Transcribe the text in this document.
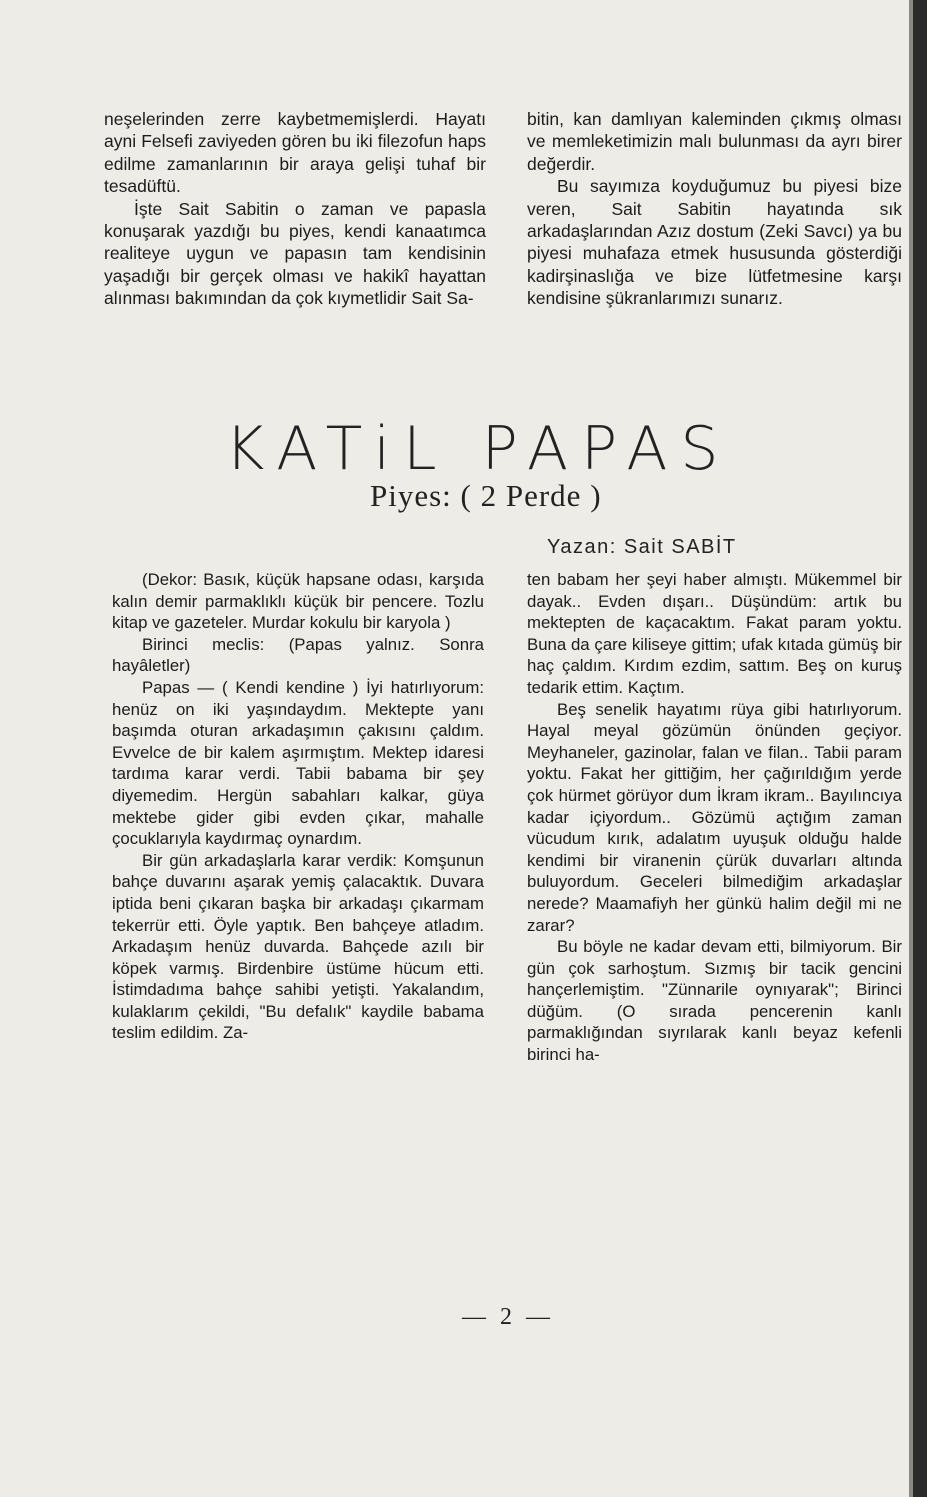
neşelerinden zerre kaybetmemişlerdi. Hayatı ayni Felsefi zaviyeden gören bu iki filezofun haps edilme zamanlarının bir araya gelişi tuhaf bir tesadüftü.

İşte Sait Sabitin o zaman ve papasla konuşarak yazdığı bu piyes, kendi kanaatımca realiteye uygun ve papasın tam kendisinin yaşadığı bir gerçek olması ve hakikî hayattan alınması bakımından da çok kıymetlidir Sait Sa-

bitin, kan damlıyan kaleminden çıkmış olması ve memleketimizin malı bulunması da ayrı birer değerdir.

Bu sayımıza koyduğumuz bu piyesi bize veren, Sait Sabitin hayatında sık arkadaşlarından Azız dostum (Zeki Savcı) ya bu piyesi muhafaza etmek hususunda gösterdiği kadirşinaslığa ve bize lütfetmesine karşı kendisine şükranlarımızı sunarız.

KATiL PAPAS
Piyes: ( 2 Perde )
Yazan: Sait SABİT

(Dekor: Basık, küçük hapsane odası, karşıda kalın demir parmaklıklı küçük bir pencere. Tozlu kitap ve gazeteler. Murdar kokulu bir karyola )

Birinci meclis: (Papas yalnız. Sonra hayâletler)

Papas — ( Kendi kendine ) İyi hatırlıyorum: henüz on iki yaşındaydım. Mektepte yanı başımda oturan arkadaşımın çakısını çaldım. Evvelce de bir kalem aşırmıştım. Mektep idaresi tardıma karar verdi. Tabii babama bir şey diyemedim. Hergün sabahları kalkar, güya mektebe gider gibi evden çıkar, mahalle çocuklarıyla kaydırmaç oynardım.

Bir gün arkadaşlarla karar verdik: Komşunun bahçe duvarını aşarak yemiş çalacaktık. Duvara iptida beni çıkaran başka bir arkadaşı çıkarmam tekerrür etti. Öyle yaptık. Ben bahçeye atladım. Arkadaşım henüz duvarda. Bahçede azılı bir köpek varmış. Birdenbire üstüme hücum etti. İstimdadıma bahçe sahibi yetişti. Yakalandım, kulaklarım çekildi, "Bu defalık" kaydile babama teslim edildim. Za-

ten babam her şeyi haber almıştı. Mükemmel bir dayak.. Evden dışarı.. Düşündüm: artık bu mektepten de kaçacaktım. Fakat param yoktu. Buna da çare kiliseye gittim; ufak kıtada gümüş bir haç çaldım. Kırdım ezdim, sattım. Beş on kuruş tedarik ettim. Kaçtım.

Beş senelik hayatımı rüya gibi hatırlıyorum. Hayal meyal gözümün önünden geçiyor. Meyhaneler, gazinolar, falan ve filan.. Tabii param yoktu. Fakat her gittiğim, her çağırıldığım yerde çok hürmet görüyor dum İkram ikram.. Bayılıncıya kadar içiyordum.. Gözümü açtığım zaman vücudum kırık, adalatım uyuşuk olduğu halde kendimi bir viranenin çürük duvarları altında buluyordum. Geceleri bilmediğim arkadaşlar nerede? Maamafiyh her günkü halim değil mi ne zarar?

Bu böyle ne kadar devam etti, bilmiyorum. Bir gün çok sarhoştum. Sızmış bir tacik gencini hançerlemiştim. "Zünnarile oynıyarak"; Birinci düğüm. (O sırada pencerenin kanlı parmaklığından sıyrılarak kanlı beyaz kefenli birinci ha-

— 2 —
